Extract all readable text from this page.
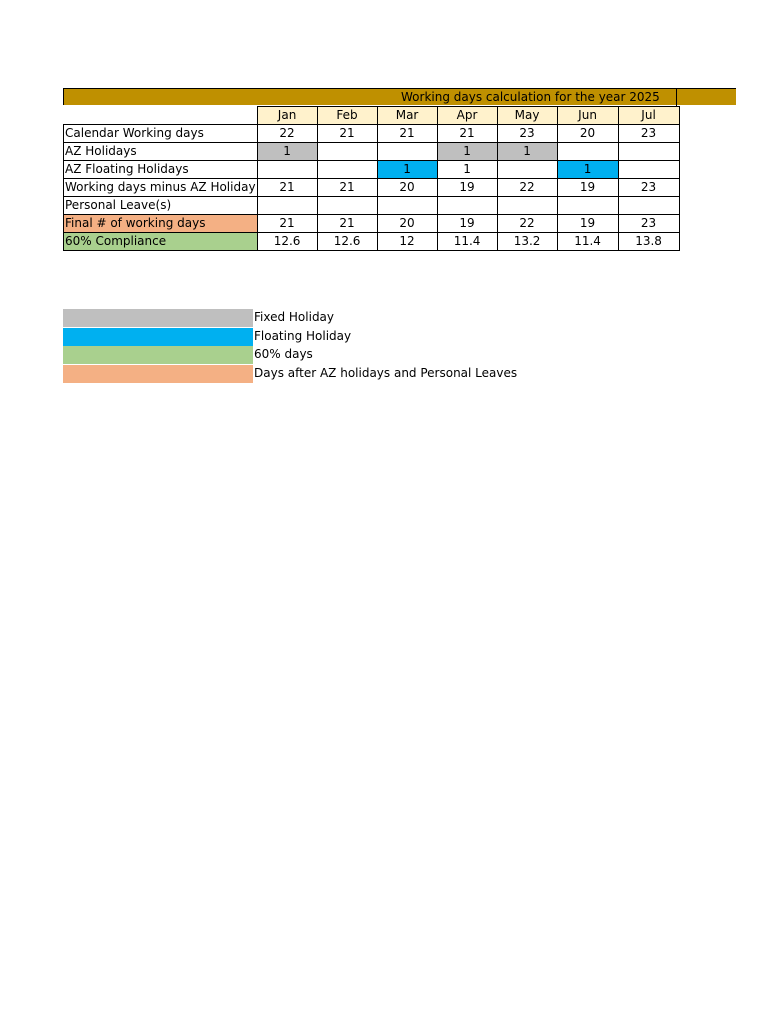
Working days calculation for the year 2025
	Jan	Feb	Mar	Apr	May	Jun	Jul
Calendar Working days	22	21	21	21	23	20	23
AZ Holidays	1			1	1		
AZ Floating Holidays			1	1		1	
Working days minus AZ Holiday	21	21	20	19	22	19	23
Personal Leave(s)							
Final # of working days	21	21	20	19	22	19	23
60% Compliance	12.6	12.6	12	11.4	13.2	11.4	13.8
Fixed Holiday
Floating Holiday
60% days
Days after AZ holidays and Personal Leaves
